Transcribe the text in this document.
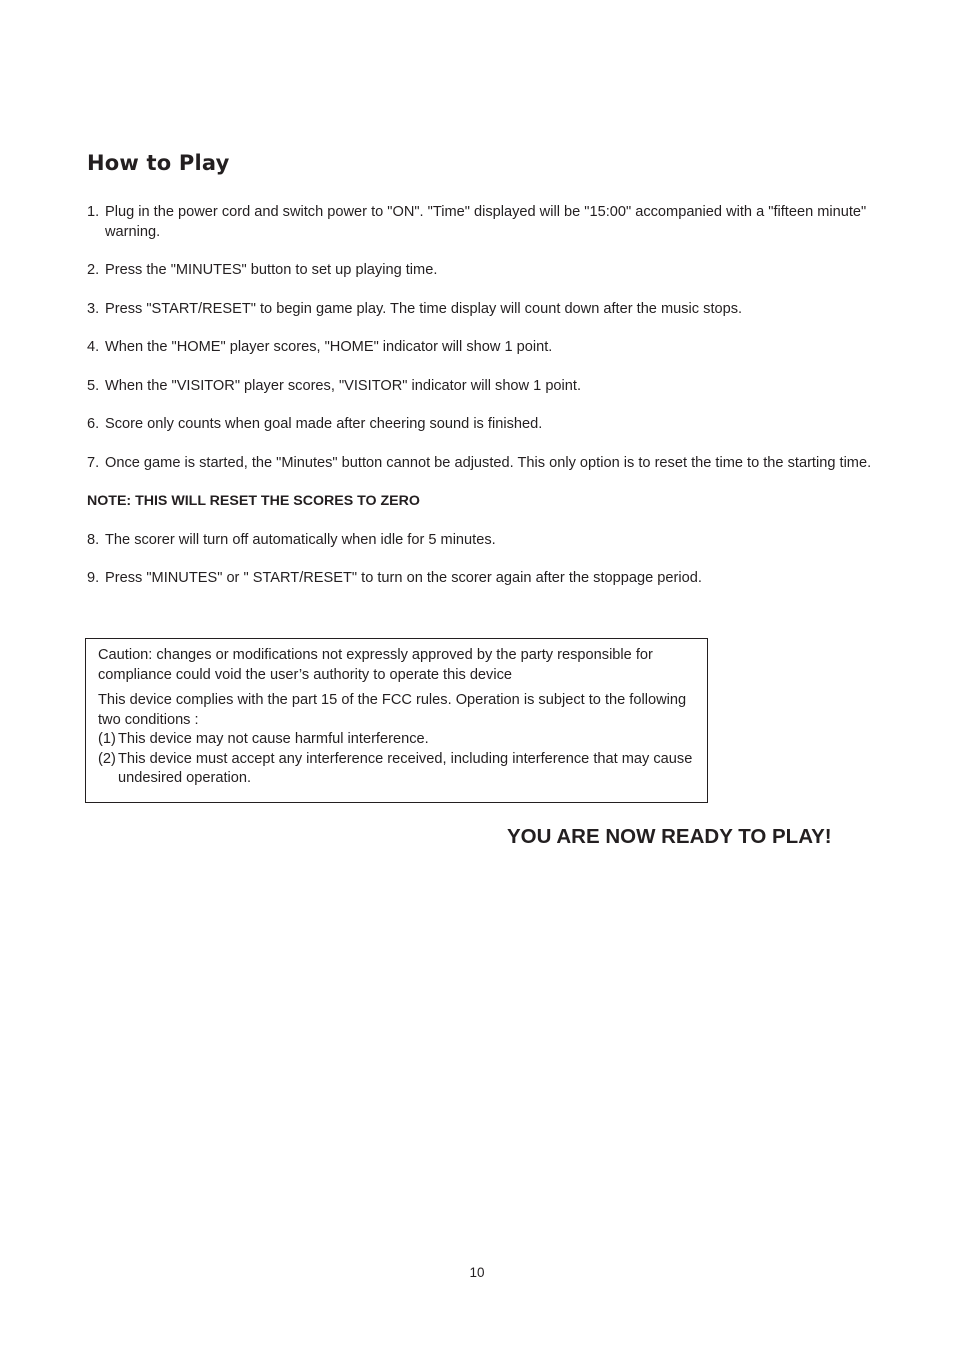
How to Play
1. Plug in the power cord and switch power to "ON". "Time" displayed will be "15:00" accompanied with a "fifteen minute" warning.
2. Press the "MINUTES" button to set up playing time.
3. Press "START/RESET" to begin game play. The time display will count down after the music stops.
4. When the "HOME" player scores, "HOME" indicator will show 1 point.
5. When the "VISITOR" player scores, "VISITOR" indicator will show 1 point.
6. Score only counts when goal made after cheering sound is finished.
7. Once game is started, the "Minutes" button cannot be adjusted. This only option is to reset the time to the starting time.
NOTE: THIS WILL RESET THE SCORES TO ZERO
8. The scorer will turn off automatically when idle for 5 minutes.
9. Press "MINUTES" or " START/RESET" to turn on the scorer again after the stoppage period.

Caution: changes or modifications not expressly approved by the party responsible for compliance could void the user’s authority to operate this device

This device complies with the part 15 of the FCC rules. Operation is subject to the following two conditions :

(1) This device may not cause harmful interference.
(2) This device must accept any interference received, including interference that may cause undesired operation.
YOU ARE NOW READY TO PLAY!
10
